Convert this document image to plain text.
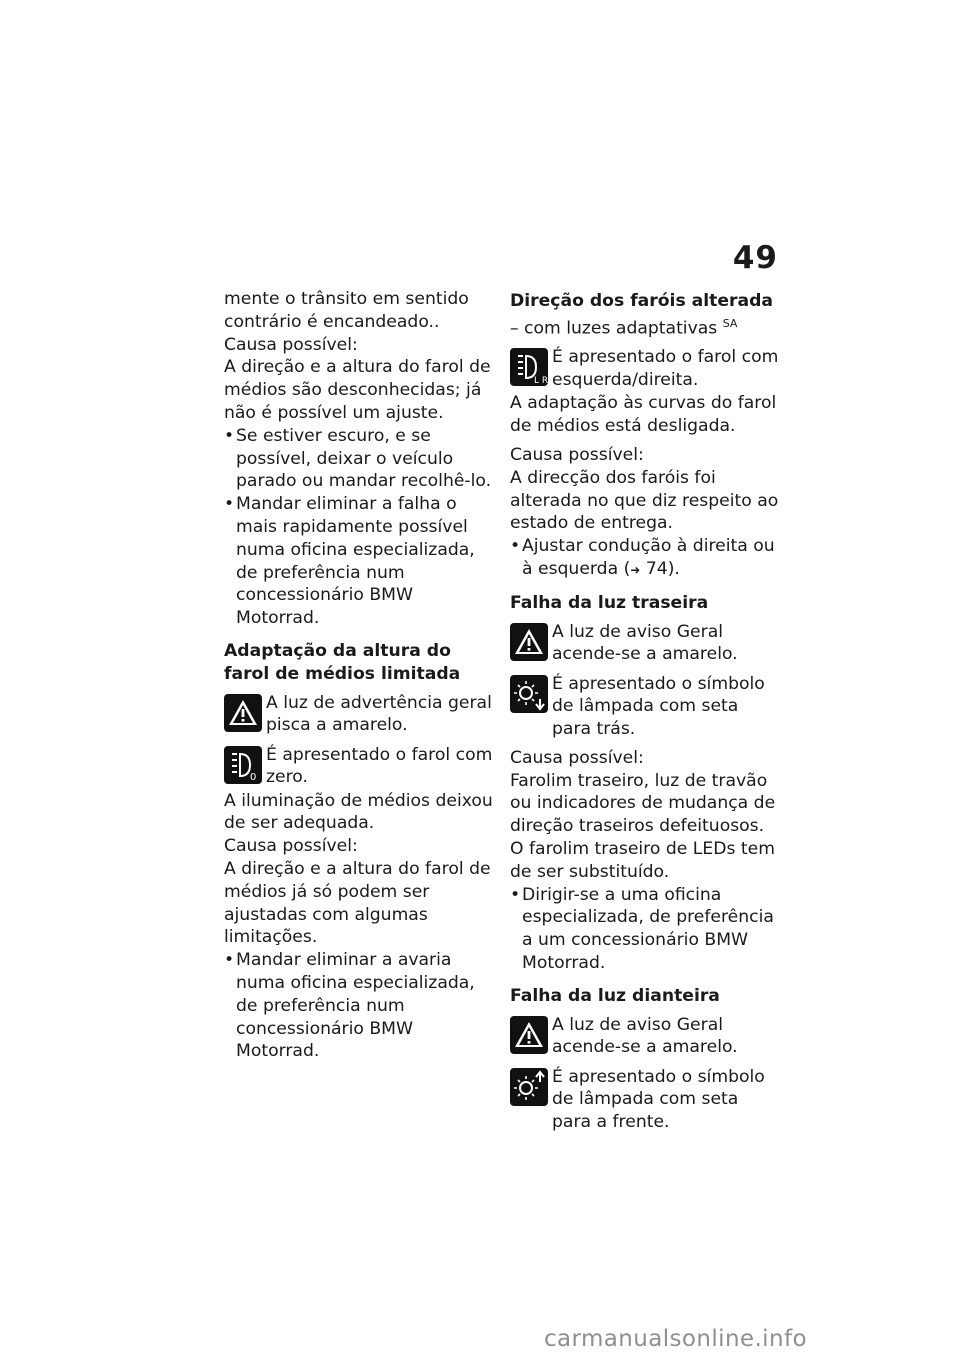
49

mente o trânsito em sentido contrário é encandeado..

Causa possível:

A direção e a altura do farol de médios são desconhecidas; já não é possível um ajuste.

• Se estiver escuro, e se possível, deixar o veículo parado ou mandar recolhê-lo.

• Mandar eliminar a falha o mais rapidamente possível numa oficina especializada, de preferência num concessionário BMW Motorrad.

Adaptação da altura do farol de médios limitada

A luz de advertência geral pisca a amarelo.

0

É apresentado o farol com zero.

A iluminação de médios deixou de ser adequada.

Causa possível:

A direção e a altura do farol de médios já só podem ser ajustadas com algumas limitações.

• Mandar eliminar a avaria numa oficina especializada, de preferência num concessionário BMW Motorrad.

Direção dos faróis alterada

– com luzes adaptativas $^{SA}$

L R

É apresentado o farol com esquerda/direita.

A adaptação às curvas do farol de médios está desligada.

Causa possível:

A direcção dos faróis foi alterada no que diz respeito ao estado de entrega.

• Ajustar condução à direita ou à esquerda (➜ 74).

Falha da luz traseira

A luz de aviso Geral acende-se a amarelo.

É apresentado o símbolo de lâmpada com seta para trás.

Causa possível:

Farolim traseiro, luz de travão ou indicadores de mudança de direção traseiros defeituosos.

O farolim traseiro de LEDs tem de ser substituído.

• Dirigir-se a uma oficina especializada, de preferência a um concessionário BMW Motorrad.

Falha da luz dianteira

A luz de aviso Geral acende-se a amarelo.

É apresentado o símbolo de lâmpada com seta para a frente.

carmanualsonline.info
